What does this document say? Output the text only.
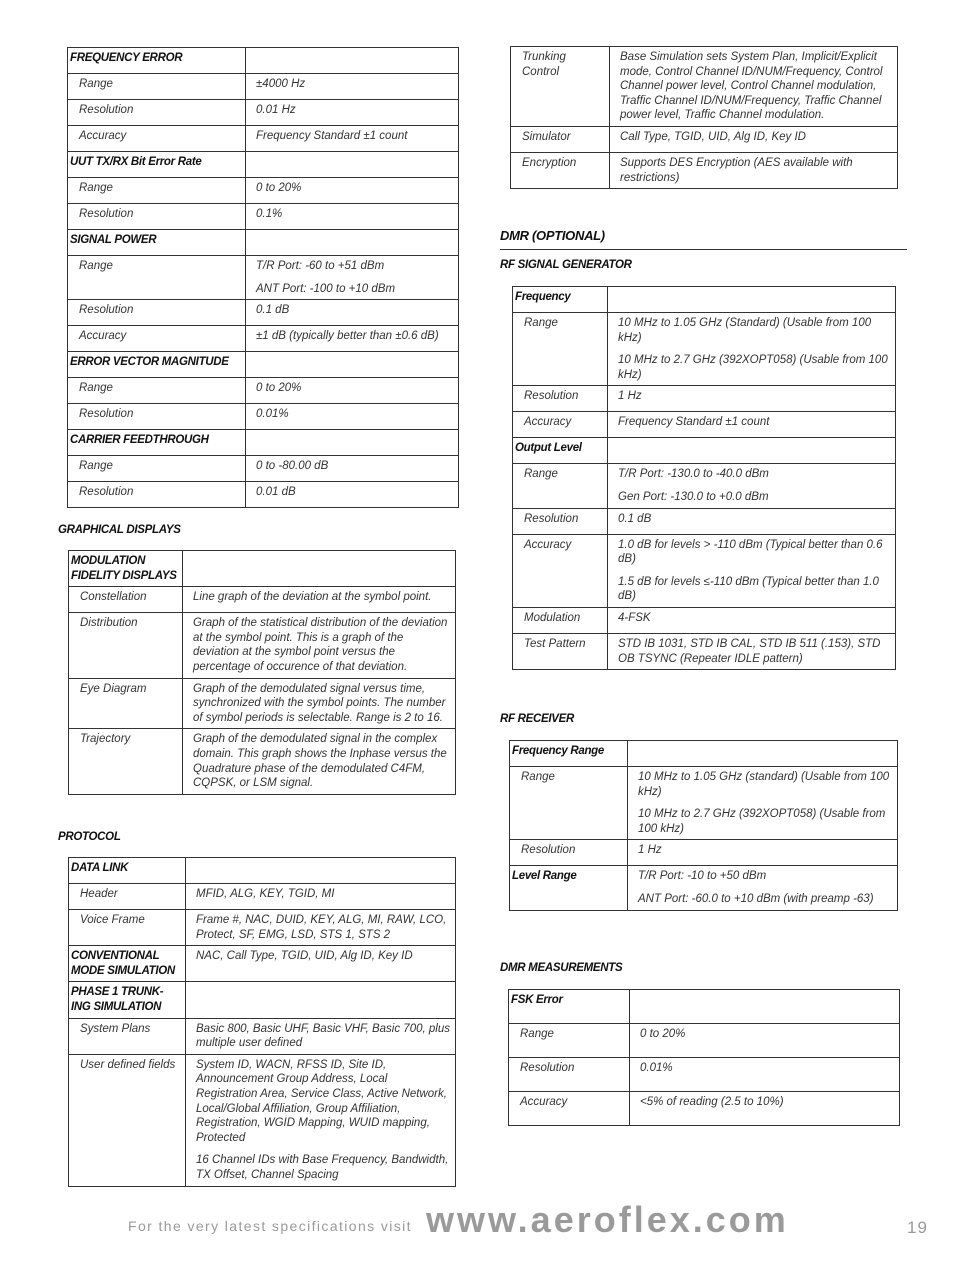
FREQUENCY ERROR	
Range	±4000 Hz

Resolution	0.01 Hz

Accuracy	Frequency Standard ±1 count

UUT TX/RX Bit Error Rate	
Range	0 to 20%

Resolution	0.1%

SIGNAL POWER	
Range	T/R Port: -60 to +51 dBm
ANT Port: -100 to +10 dBm

Resolution	0.1 dB

Accuracy	±1 dB (typically better than ±0.6 dB)

ERROR VECTOR MAGNITUDE	
Range	0 to 20%

Resolution	0.01%

CARRIER FEEDTHROUGH	
Range	0 to -80.00 dB

Resolution	0.01 dB
GRAPHICAL DISPLAYS
MODULATION FIDELITY DISPLAYS	
Constellation	Line graph of the deviation at the symbol point.

Distribution	Graph of the statistical distribution of the deviation at the symbol point. This is a graph of the deviation at the symbol point versus the percentage of occurence of that deviation.

Eye Diagram	Graph of the demodulated signal versus time, synchronized with the symbol points. The number of symbol periods is selectable. Range is 2 to 16.

Trajectory	Graph of the demodulated signal in the complex domain. This graph shows the Inphase versus the Quadrature phase of the demodulated C4FM, CQPSK, or LSM signal.
PROTOCOL
DATA LINK	
Header	MFID, ALG, KEY, TGID, MI

Voice Frame	Frame #, NAC, DUID, KEY, ALG, MI, RAW, LCO, Protect, SF, EMG, LSD, STS 1, STS 2

CONVENTIONAL MODE SIMULATION	NAC, Call Type, TGID, UID, Alg ID, Key ID

PHASE 1 TRUNK-ING SIMULATION	
System Plans	Basic 800, Basic UHF, Basic VHF, Basic 700, plus multiple user defined

User defined fields	System ID, WACN, RFSS ID, Site ID, Announcement Group Address, Local Registration Area, Service Class, Active Network, Local/Global Affiliation, Group Affiliation, Registration, WGID Mapping, WUID mapping, Protected
16 Channel IDs with Base Frequency, Bandwidth, TX Offset, Channel Spacing
Trunking Control	Base Simulation sets System Plan, Implicit/Explicit mode, Control Channel ID/NUM/Frequency, Control Channel power level, Control Channel modulation, Traffic Channel ID/NUM/Frequency, Traffic Channel power level, Traffic Channel modulation.

Simulator	Call Type, TGID, UID, Alg ID, Key ID

Encryption	Supports DES Encryption (AES available with restrictions)
DMR (OPTIONAL)
RF SIGNAL GENERATOR
Frequency	
Range	10 MHz to 1.05 GHz (Standard) (Usable from 100 kHz)
10 MHz to 2.7 GHz (392XOPT058) (Usable from 100 kHz)

Resolution	1 Hz

Accuracy	Frequency Standard ±1 count

Output Level	
Range	T/R Port: -130.0 to -40.0 dBm
Gen Port: -130.0 to +0.0 dBm

Resolution	0.1 dB

Accuracy	1.0 dB for levels > -110 dBm (Typical better than 0.6 dB)
1.5 dB for levels ≤-110 dBm (Typical better than 1.0 dB)

Modulation	4-FSK

Test Pattern	STD IB 1031, STD IB CAL, STD IB 511 (.153), STD OB TSYNC (Repeater IDLE pattern)
RF RECEIVER
Frequency Range	
Range	10 MHz to 1.05 GHz (standard) (Usable from 100 kHz)
10 MHz to 2.7 GHz (392XOPT058) (Usable from 100 kHz)

Resolution	1 Hz

Level Range	T/R Port: -10 to +50 dBm
ANT Port: -60.0 to +10 dBm (with preamp -63)
DMR MEASUREMENTS
FSK Error	
Range	0 to 20%

Resolution	0.01%

Accuracy	<5% of reading (2.5 to 10%)
For the very latest specifications visit www.aeroflex.com	19
